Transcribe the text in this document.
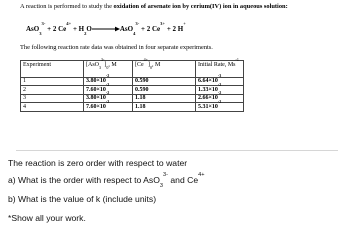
A reaction is performed to study the oxidation of arsenate ion by cerium(IV) ion in aqueous solution:
AsO$_3^{3-}$ + 2 $Ce^{4+} + H_2O\to AsO_4^{3-} + 2$ $Ce^{3+} + 2$ H+
The following reaction rate data was obtained in four separate experiments.
Experiment	$[AsO_3^{3-}]_0$, M	$[Ce^{4+}]_0$, M	Initial Rate, $Ms^{-1}$
1	$3.80\times 10^{-2}$	0.590	$6.64\times 10^{-3}$
2	$7.60\times 10^{-2}$	0.590	$1.33\times 10^{-2}$
3	$3.80\times 10^{-2}$	1.18	$2.66\times 10^{-2}$
4	$7.60\times 10^{-2}$	1.18	$5.31\times 10^{-2}$
The reaction is zero order with respect to water
a) What is the order with respect to AsO$_3^{3-}$ and $Ce^{4+}$
b) What is the value of k (include units)
*Show all your work.
